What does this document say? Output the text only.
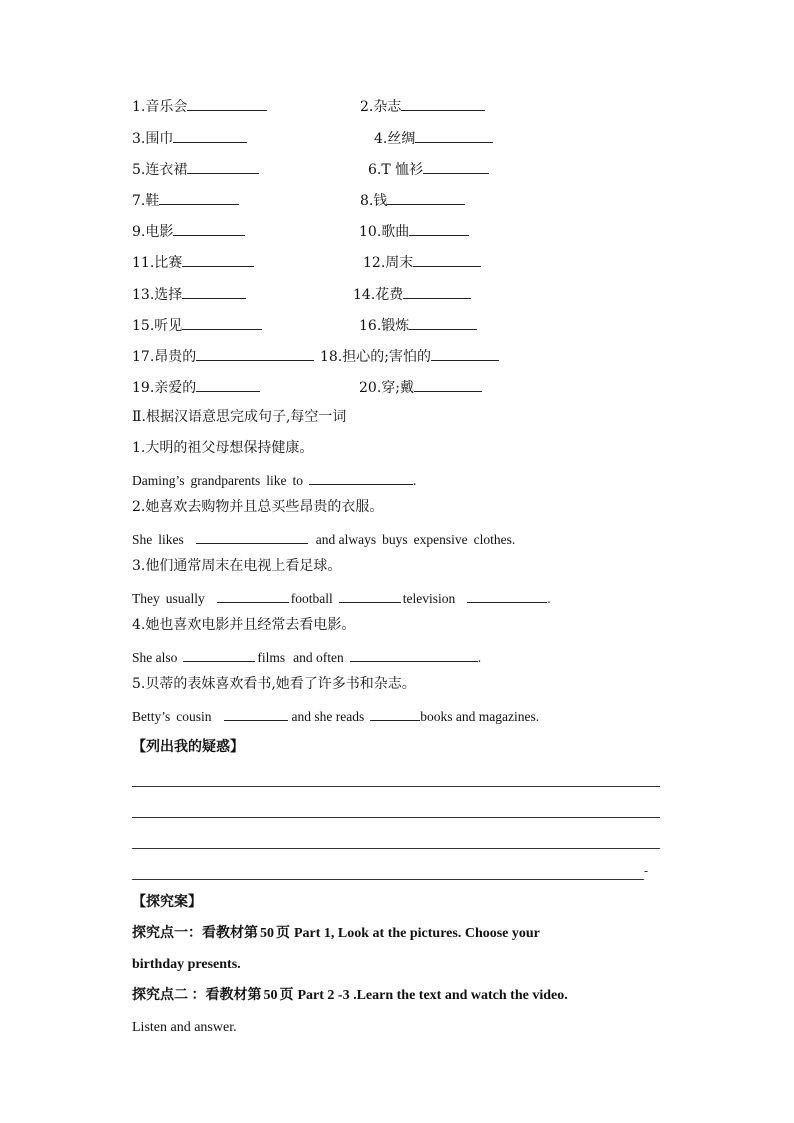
1.音乐会	2.杂志
3.围巾	4.丝绸
5.连衣裙	6.T 恤衫
7.鞋	8.钱
9.电影	10.歌曲
11.比赛	12.周末
13.选择	14.花费
15.听见	16.锻炼
17.昂贵的	18.担心的;害怕的
19.亲爱的	20.穿;戴
Ⅱ.根据汉语意思完成句子,每空一词
1.大明的祖父母想保持健康。
Daming’s grandparents like to	.
2.她喜欢去购物并且总买些昂贵的衣服。
She likes	and always buys expensive clothes.
3.他们通常周末在电视上看足球。
They usually	football	television	.
4.她也喜欢电影并且经常去看电影。
She also	films and often	.
5.贝蒂的表妹喜欢看书,她看了许多书和杂志。
Betty’s cousin	and she reads	books and magazines.
【列出我的疑惑】
-
【探究案】
探究点一：看教材第 50 页 Part 1, Look at the pictures. Choose your
birthday presents.
探究点二 ：看教材第 50 页 Part 2 -3 .Learn the text and watch the video.
Listen and answer.
